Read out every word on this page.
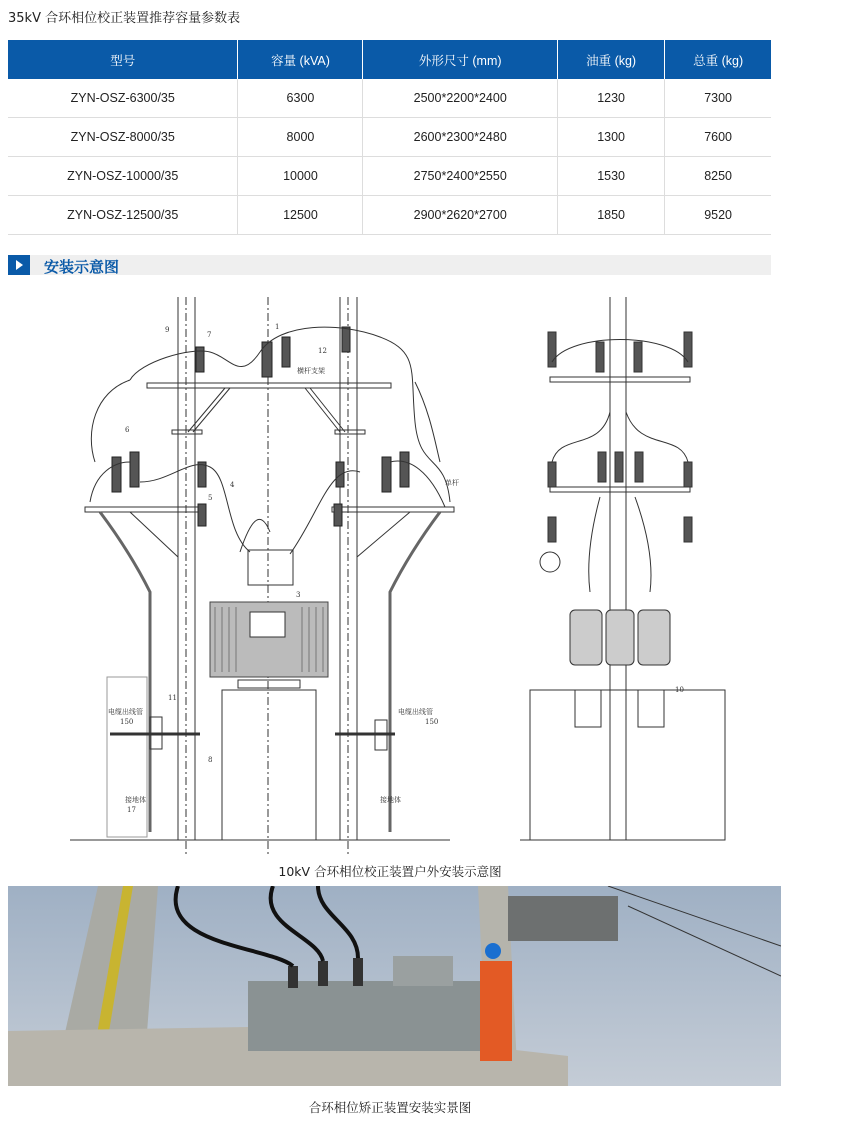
35kV 合环相位校正装置推荐容量参数表
型号	容量 (kVA)	外形尺寸 (mm)	油重 (kg)	总重 (kg)
ZYN-OSZ-6300/35	6300	2500*2200*2400	1230	7300
ZYN-OSZ-8000/35	8000	2600*2300*2480	1300	7600
ZYN-OSZ-10000/35	10000	2750*2400*2550	1530	8250
ZYN-OSZ-12500/35	12500	2900*2620*2700	1850	9520
安装示意图
1
横杆支架
单杆
3
4
5
6
7
8
9
10
11
12
17
电缆出线管
150
电缆出线管
150
接地体	接地体
10kV 合环相位校正装置户外安装示意图
合环相位矫正装置安装实景图
